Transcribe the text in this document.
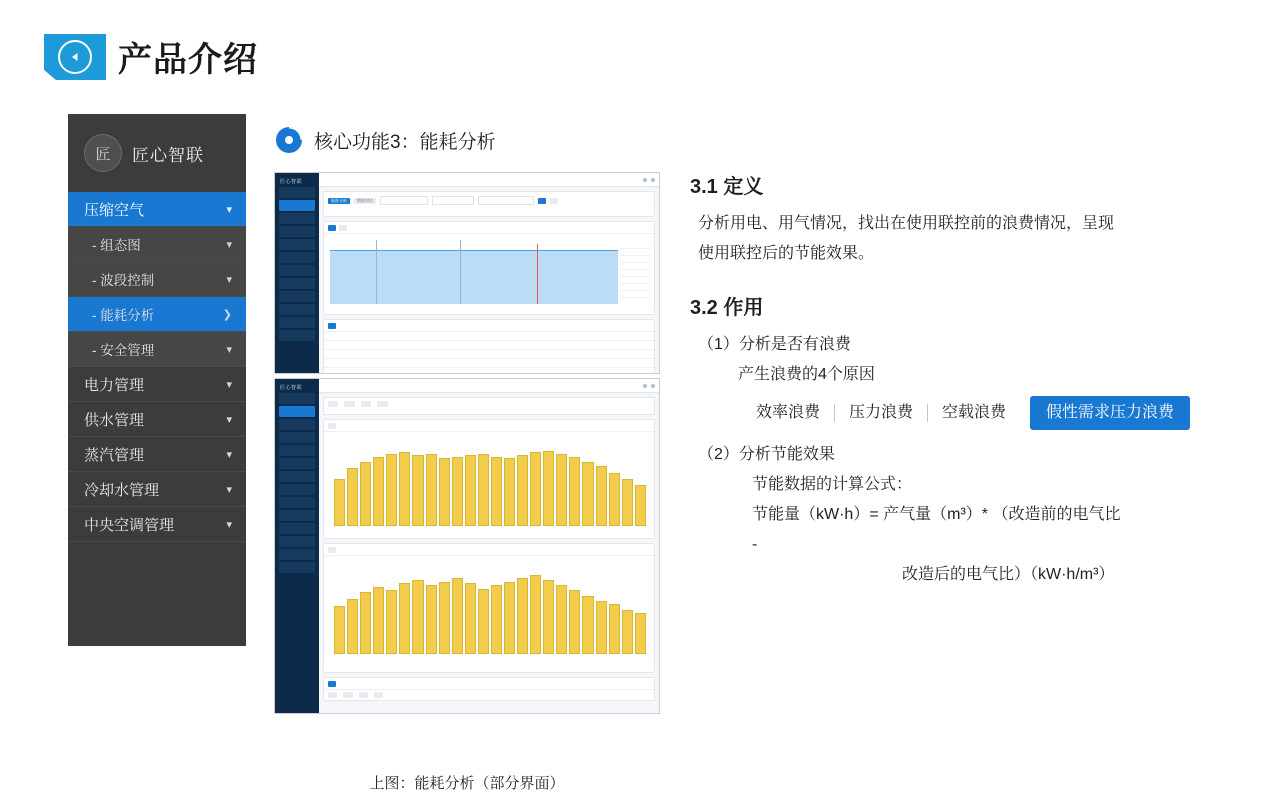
产品介绍
匠	匠心智联
压缩空气	▾
- 组态图	▾
- 波段控制	▾
- 能耗分析	❯
- 安全管理	▾
电力管理	▾
供水管理	▾
蒸汽管理	▾
冷却水管理	▾
中央空调管理	▾
核心功能3：能耗分析
匠心智联
能耗分析	数据对比

匠心智联

上图：能耗分析（部分界面）
3.1 定义
分析用电、用气情况，找出在使用联控前的浪费情况，呈现
使用联控后的节能效果。
3.2 作用
（1）分析是否有浪费
产生浪费的4个原因
效率浪费	压力浪费	空载浪费	假性需求压力浪费
（2）分析节能效果
节能数据的计算公式：
节能量（kW·h）= 产气量（m³）* （改造前的电气比
-
改造后的电气比）（kW·h/m³）
